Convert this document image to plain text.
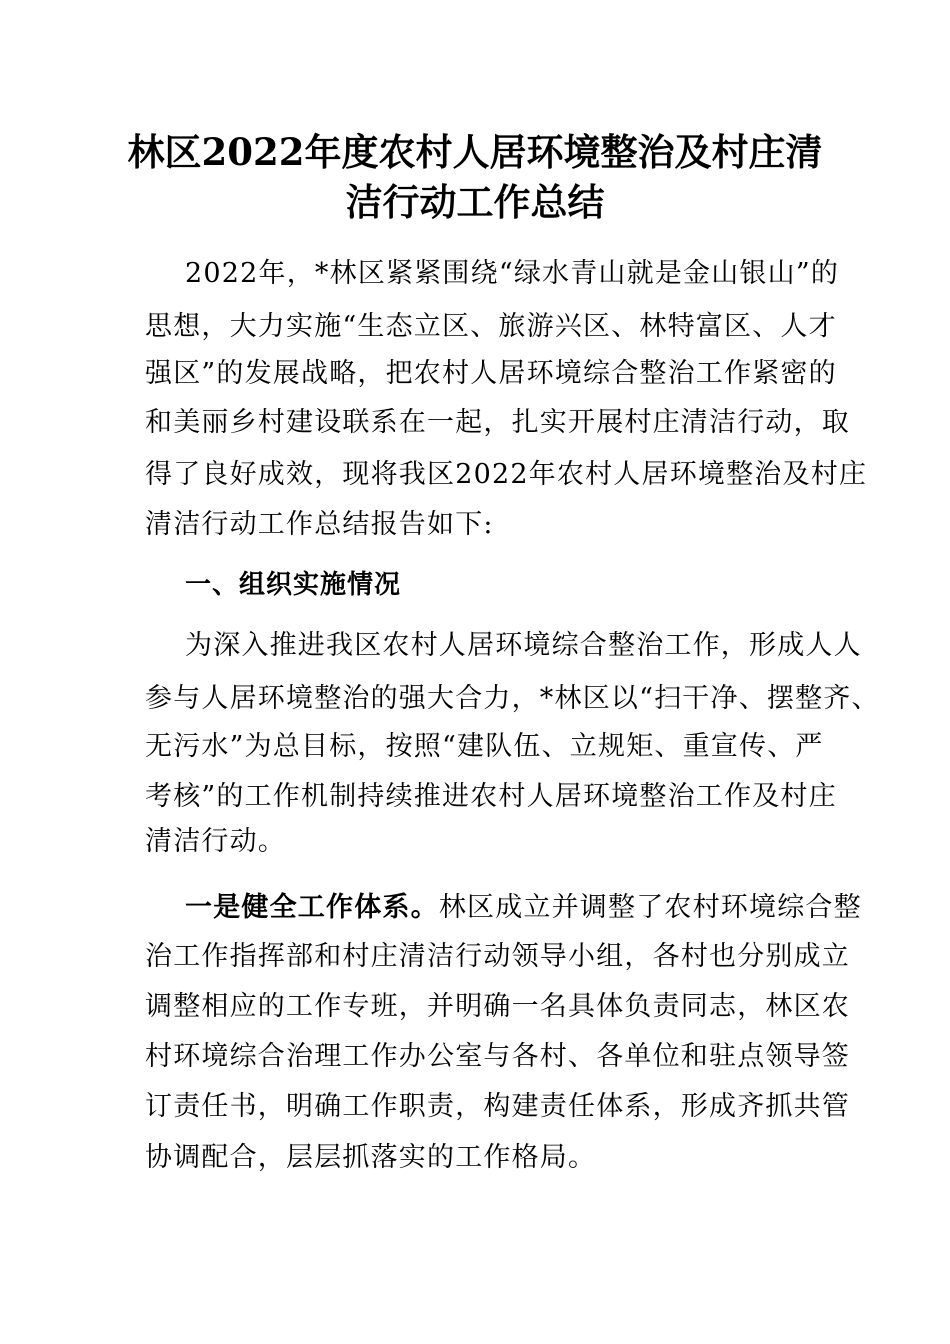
林区2022年度农村人居环境整治及村庄清
洁行动工作总结
2022年，*林区紧紧围绕“绿水青山就是金山银山”的
思想，大力实施“生态立区、旅游兴区、林特富区、人才
强区”的发展战略，把农村人居环境综合整治工作紧密的
和美丽乡村建设联系在一起，扎实开展村庄清洁行动，取
得了良好成效，现将我区2022年农村人居环境整治及村庄
清洁行动工作总结报告如下:
一、组织实施情况
为深入推进我区农村人居环境综合整治工作，形成人人
参与人居环境整治的强大合力，*林区以“扫干净、摆整齐、
无污水”为总目标，按照“建队伍、立规矩、重宣传、严
考核”的工作机制持续推进农村人居环境整治工作及村庄
清洁行动。
一是健全工作体系。林区成立并调整了农村环境综合整
治工作指挥部和村庄清洁行动领导小组，各村也分别成立
调整相应的工作专班，并明确一名具体负责同志，林区农
村环境综合治理工作办公室与各村、各单位和驻点领导签
订责任书，明确工作职责，构建责任体系，形成齐抓共管
协调配合，层层抓落实的工作格局。
